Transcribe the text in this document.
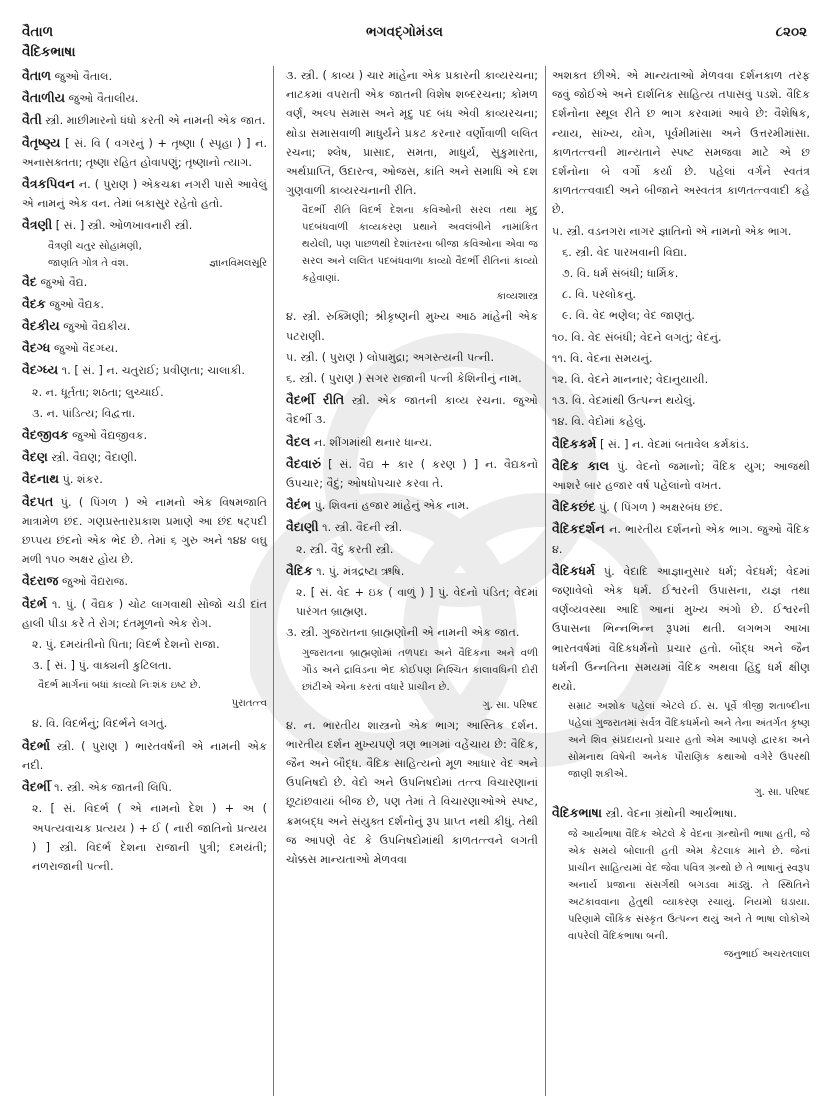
વૈતાળ	ભગવદ્ગોમંડલ	૮૨૦૨
વૈદિકભાષા
વૈતાળ જુઓ વૈતાલ.
વૈતાળીય જુઓ વૈતાલીય.
વૈતી સ્ત્રી. માછીમારનો ધંધો કરતી એ નામની એક જાત.
વૈતૃષ્ણ્ય [ સં. વિ ( વગરનું ) + તૃષ્ણા ( સ્પૃહા ) ] ન. અનાસક્તતા; તૃષ્ણા રહિત હોવાપણું; તૃષ્ણાનો ત્યાગ.
વૈત્રકપિવન ન. ( પુરાણ ) એકચક્રા નગરી પાસે આવેલું એ નામનું એક વન. તેમાં બકાસુર રહેતો હતો.
વૈત્રણી [ સં. ] સ્ત્રી. ઓળખાવનારી સ્ત્રી.
વૈત્રણી ચતુર સોહામણી,
જાણતિ ગોત્ર તે વંશ.	જ્ઞાનવિમલસૂરિ
વૈદ જુઓ વૈદ્ય.
વૈદક જુઓ વૈદ્યક.
વૈદકીય જુઓ વૈદ્યકીય.
વૈદગ્ધ જુઓ વૈદગ્ધ્ય.
વૈદગ્ધ્ય ૧. [ સં. ] ન. ચતુરાઈ; પ્રવીણતા; ચાલાકી.
૨. ન. ધૂર્તતા; શઠતા; લુચ્ચાઈ.
૩. ન. પાંડિત્ય; વિદ્વત્તા.
વૈદજીવક જુઓ વૈદ્યજીવક.
વૈદણ સ્ત્રી. વૈદ્યણ; વૈદાણી.
વૈદનાથ પું. શંકર.
વૈદપત પું. ( પિંગળ ) એ નામનો એક વિષમજાતિ માત્રામેળ છંદ. ગણપ્રસ્તારપ્રકાશ પ્રમાણે આ છંદ ષટ્પદી છપ્પય છંદનો એક ભેદ છે. તેમાં ૬ ગુરુ અને ૧૪૪ લઘુ મળી ૧૫૦ અક્ષર હોય છે.
વૈદરાજ જુઓ વૈદ્યરાજ.
વૈદર્ભ ૧. પું. ( વૈદ્યક ) ચોટ લાગવાથી સોજો ચડી દાંત હાલી પીડા કરે તે રોગ; દંતમૂળનો એક રોગ.
૨. પું. દમયંતીનો પિતા; વિદર્ભ દેશનો રાજા.
૩. [ સં. ] પું. વાક્યની કુટિલતા.
વૈદર્ભ માર્ગનાં બધાં કાવ્યો નિઃશંક ઇષ્ટ છે.
પુરાતત્ત્વ
૪. વિ. વિદર્ભનું; વિદર્ભને લગતું.
વૈદર્ભા સ્ત્રી. ( પુરાણ ) ભારતવર્ષની એ નામની એક નદી.
વૈદર્ભી ૧. સ્ત્રી. એક જાતની લિપિ.
૨. [ સં. વિદર્ભ ( એ નામનો દેશ ) + અ ( અપત્યવાચક પ્રત્યય ) + ઈ ( નારી જાતિનો પ્રત્યય ) ] સ્ત્રી. વિદર્ભ દેશના રાજાની પુત્રી; દમયંતી; નળરાજાની પત્ની.
૩. સ્ત્રી. ( કાવ્ય ) ચાર માંહેના એક પ્રકારની કાવ્યરચના; નાટકમાં વપરાતી એક જાતની વિશેષ શબ્દરચના; કોમળ વર્ણ, અલ્પ સમાસ અને મૃદુ પદ બંધ એવી કાવ્યરચના; થોડા સમાસવાળી માધુર્યને પ્રકટ કરનાર વર્ણોવાળી લલિત રચના; શ્લેષ, પ્રાસાદ, સમતા, માધુર્ય, સુકુમારતા, અર્થપ્રાપ્તિ, ઉદારત્વ, ઓજસ, કાંતિ અને સમાધિ એ દશ ગુણવાળી કાવ્યરચનાની રીતિ.
વૈદર્ભી રીતિ વિદર્ભ દેશના કવિઓની સરલ તથા મૃદુ પદબંધવાળી કાવ્યકરણ પ્રથાને અવલંબીને નામાંકિત થયેલી, પણ પાછળથી દેશાંતરના બીજા કવિઓના એવા જ સરલ અને લલિત પદબંધવાળા કાવ્યો વૈદર્ભી રીતિનાં કાવ્યો કહેવાણાં.
કાવ્યશાસ્ત્ર
૪. સ્ત્રી. રુક્મિણી; શ્રીકૃષ્ણની મુખ્ય આઠ માંહેની એક પટરાણી.
૫. સ્ત્રી. ( પુરાણ ) લોપામુદ્રા; અગસ્ત્યની પત્ની.
૬. સ્ત્રી. ( પુરાણ ) સગર રાજાની પત્ની કેશિનીનું નામ.
વૈદર્ભી રીતિ સ્ત્રી. એક જાતની કાવ્ય રચના. જુઓ વૈદર્ભી ૩.
વૈદલ ન. શીંગમાંથી થનાર ધાન્ય.
વૈદવારું [ સં. વૈદ્ય + કાર ( કરણ ) ] ન. વૈદ્યકનો ઉપચાર; વૈદું; ઓષધોપચાર કરવા તે.
વૈદંભ પું. શિવનાં હજાર માંહેનું એક નામ.
વૈદાણી ૧. સ્ત્રી. વૈદની સ્ત્રી.
૨. સ્ત્રી. વૈદું કરતી સ્ત્રી.
વૈદિક ૧. પું. મંત્રદ્રષ્ટા ઋષિ.
૨. [ સં. વેદ + ઇક ( વાળું ) ] પું. વેદનો પંડિત; વેદમાં પારંગત બ્રાહ્મણ.
૩. સ્ત્રી. ગુજરાતના બ્રાહ્મણોની એ નામની એક જાત.
ગુજરાતના બ્રાહ્મણોમાં તળપદા અને વૈદિકના અને વળી ગૌડ અને દ્રાવિડના ભેદ કોઈપણ નિશ્ચિત કાલાવધિની દોરી છાંટીએ એના કરતાં વધારે પ્રાચીન છે.
ગુ. સા. પરિષદ
૪. ન. ભારતીય શાસ્ત્રનો એક ભાગ; આસ્તિક દર્શન. ભારતીય દર્શન મુખ્યપણે ત્રણ ભાગમાં વહેંચાય છે: વૈદિક, જૈન અને બૌદ્ધ. વૈદિક સાહિત્યનો મૂળ આધાર વેદ અને ઉપનિષદો છે. વેદો અને ઉપનિષદોમાં તત્ત્વ વિચારણાનાં છૂટાંછવાયાં બીજ છે, પણ તેમાં તે વિચારણાઓએ સ્પષ્ટ, ક્રમબદ્ધ અને સંયુક્ત દર્શનોનું રૂપ પ્રાપ્ત નથી કીધું. તેથી જ આપણે વેદ કે ઉપનિષદોમાંથી કાળતત્ત્વને લગતી ચોક્કસ માન્યતાઓ મેળવવા
અશક્ત છીએ. એ માન્યતાઓ મેળવવા દર્શનકાળ તરફ જવું જોઈએ અને દાર્શનિક સાહિત્ય તપાસવું પડશે. વૈદિક દર્શનોના સ્થૂલ રીતે છ ભાગ કરવામાં આવે છે: વૈશેષિક, ન્યાય, સાંખ્ય, યોગ, પૂર્વમીમાંસા અને ઉત્તરમીમાંસા. કાળતત્ત્વની માન્યતાને સ્પષ્ટ સમજવા માટે એ છ દર્શનોના બે વર્ગો કર્યા છે. પહેલાં વર્ગને સ્વતંત્ર કાળતત્ત્વવાદી અને બીજાને અસ્વતંત્ર કાળતત્ત્વવાદી કહે છે.
૫. સ્ત્રી. વડનગરા નાગર જ્ઞાતિનો એ નામનો એક ભાગ.
૬. સ્ત્રી. વેદ પારખવાની વિદ્યા.
૭. વિ. ધર્મ સંબંધી; ધાર્મિક.
૮. વિ. પરલોકનું.
૯. વિ. વેદ ભણેલ; વેદ જાણતું.
૧૦. વિ. વેદ સંબંધી; વેદને લગતું; વેદનું.
૧૧. વિ. વેદના સમયનું.
૧૨. વિ. વેદને માનનાર; વેદાનુયાયી.
૧૩. વિ. વેદમાંથી ઉત્પન્ન થયેલું.
૧૪. વિ. વેદોમાં કહેલું.
વૈદિકકર્મ [ સં. ] ન. વેદમાં બતાવેલ કર્મકાંડ.
વૈદિક કાલ પું. વેદનો જમાનો; વૈદિક યુગ; આજથી આશરે બાર હજાર વર્ષ પહેલાંનો વખત.
વૈદિકછંદ પું. ( પિંગળ ) અક્ષરબંધ છંદ.
વૈદિકદર્શન ન. ભારતીય દર્શનનો એક ભાગ. જુઓ વૈદિક ૪.
વૈદિકધર્મ પું. વેદાદિ આજ્ઞાનુસાર ધર્મ; વેદધર્મ; વેદમાં જણાવેલો એક ધર્મ. ઈશ્વરની ઉપાસના, યજ્ઞ તથા વર્ણવ્યવસ્થા આદિ આનાં મુખ્ય અંગો છે. ઈશ્વરની ઉપાસના ભિન્નભિન્ન રૂપમાં થતી. લગભગ આખા ભારતવર્ષમાં વૈદિકધર્મનો પ્રચાર હતો. બૌદ્ધ અને જૈન ધર્મની ઉન્નતિના સમયમાં વૈદિક અથવા હિંદુ ધર્મ ક્ષીણ થયો.
સમ્રાટ અશોક પહેલાં એટલે ઈ. સ. પૂર્વે ત્રીજી શતાબ્દીના પહેલાં ગુજરાતમાં સર્વત્ર વૈદિકધર્મનો અને તેના અંતર્ગત કૃષ્ણ અને શિવ સંપ્રદાયનો પ્રચાર હતો એમ આપણે દ્વારકા અને સોમનાથ વિષેની અનેક પૌરાણિક કથાઓ વગેરે ઉપરથી જાણી શકીએ.
ગુ. સા. પરિષદ
વૈદિકભાષા સ્ત્રી. વેદના ગ્રંથોની આર્યભાષા.
જે આર્યભાષા વૈદિક એટલે કે વેદના ગ્રન્થોની ભાષા હતી, જે એક સમયે બોલાતી હતી એમ કેટલાક માને છે. જેનાં પ્રાચીન સાહિત્યમાં વેદ જેવા પવિત્ર ગ્રન્થો છે તે ભાષાનું સ્વરૂપ અનાર્ય પ્રજાના સંસર્ગથી બગડવા માંડ્યું. તે સ્થિતિને અટકાવવાના હેતુથી વ્યાકરણ રચાયું. નિયમો ઘડાયા. પરિણામે લૌકિક સંસ્કૃત ઉત્પન્ન થયું અને તે ભાષા લોકોએ વાપરેલી વૈદિકભાષા બની.
જનુભાઈ અચરતલાલ
